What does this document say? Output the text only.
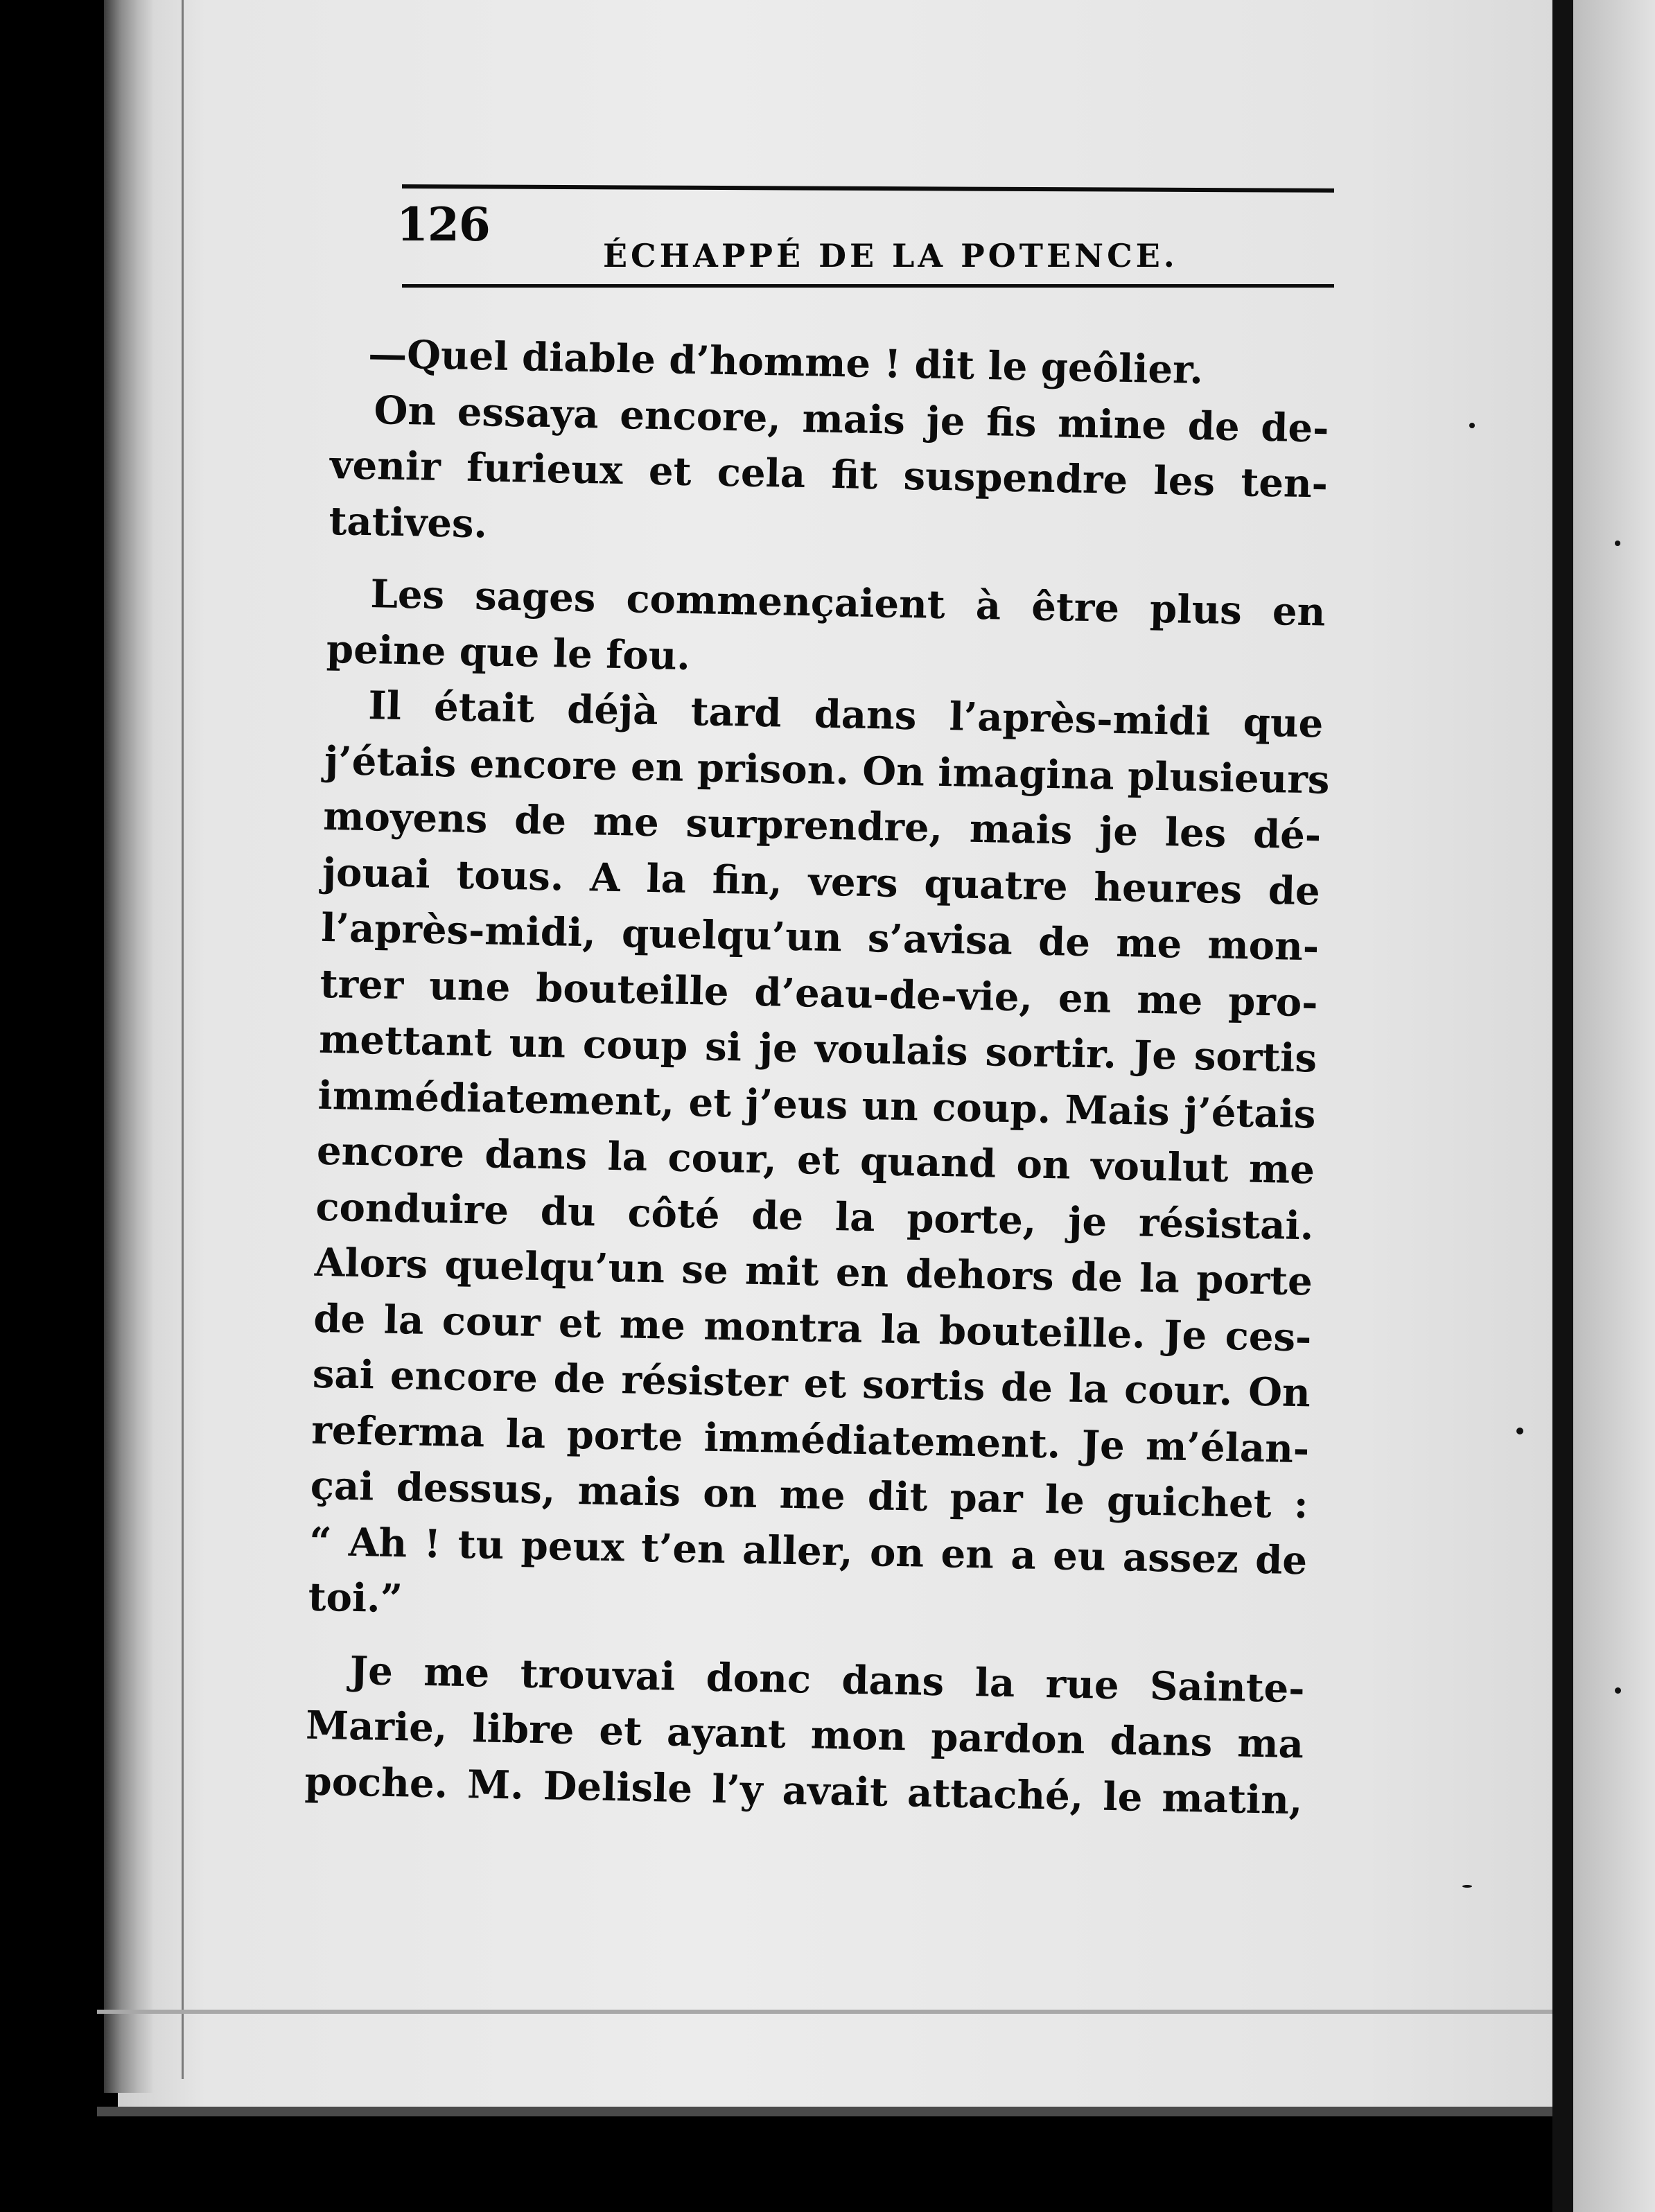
126
ÉCHAPPÉ DE LA POTENCE.
—Quel diable d’homme ! dit le geôlier.
On essaya encore, mais je fis mine de de-
venir furieux et cela fit suspendre les ten-
tatives.
Les sages commençaient à être plus en
peine que le fou.
Il était déjà tard dans l’après-midi que
j’étais encore en prison. On imagina plusieurs
moyens de me surprendre, mais je les dé-
jouai tous. A la fin, vers quatre heures de
l’après-midi, quelqu’un s’avisa de me mon-
trer une bouteille d’eau-de-vie, en me pro-
mettant un coup si je voulais sortir. Je sortis
immédiatement, et j’eus un coup. Mais j’étais
encore dans la cour, et quand on voulut me
conduire du côté de la porte, je résistai.
Alors quelqu’un se mit en dehors de la porte
de la cour et me montra la bouteille. Je ces-
sai encore de résister et sortis de la cour. On
referma la porte immédiatement. Je m’élan-
çai dessus, mais on me dit par le guichet :
“ Ah ! tu peux t’en aller, on en a eu assez de
toi.”
Je me trouvai donc dans la rue Sainte-
Marie, libre et ayant mon pardon dans ma
poche. M. Delisle l’y avait attaché, le matin,
